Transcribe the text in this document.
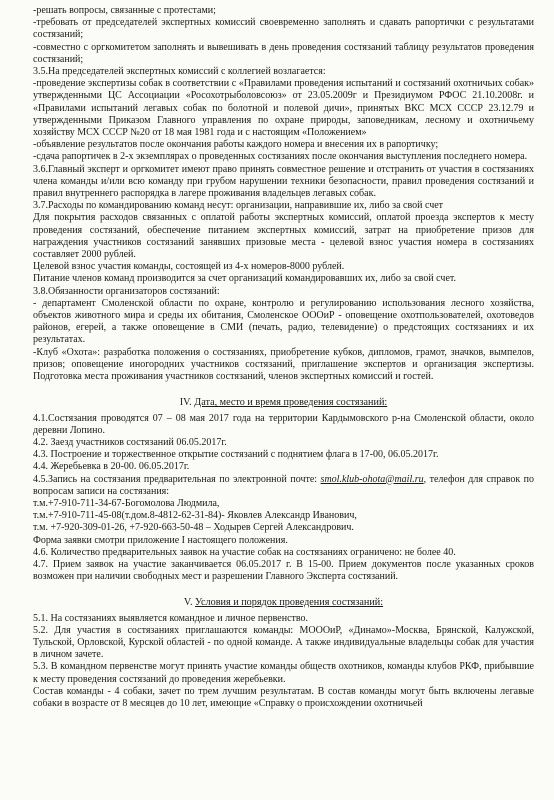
-решать вопросы, связанные с протестами;

-требовать от председателей экспертных комиссий своевременно заполнять и сдавать рапортички с результатами состязаний;

-совместно с оргкомитетом заполнять и вывешивать в день проведения состязаний таблицу результатов проведения состязаний;

3.5.На председателей экспертных комиссий с коллегией возлагается:

-проведение экспертизы собак в соответствии с «Правилами проведения испытаний и состязаний охотничьих собак» утвержденными ЦС Ассоциации «Росохотрыболовсоюз» от 23.05.2009г и Президиумом РФОС 21.10.2008г. и «Правилами испытаний легавых собак по болотной и полевой дичи», принятых ВКС МСХ СССР 23.12.79 и утвержденными Приказом Главного управления по охране природы, заповедникам, лесному и охотничьему хозяйству МСХ СССР №20 от 18 мая 1981 года и с настоящим «Положением»

-объявление результатов после окончания работы каждого номера и внесения их в рапортичку;

-сдача рапортичек в 2-х экземплярах о проведенных состязаниях после окончания выступления последнего номера.

3.6.Главный эксперт и оргкомитет имеют право принять совместное решение и отстранить от участия в состязаниях члена команды и/или всю команду при грубом нарушении техники безопасности, правил проведения состязаний и правил внутреннего распорядка в лагере проживания владельцев легавых собак.

3.7.Расходы по командированию команд несут: организации, направившие их, либо за свой счет

Для покрытия расходов связанных с оплатой работы экспертных комиссий, оплатой проезда экспертов к месту проведения состязаний, обеспечение питанием экспертных комиссий, затрат на приобретение призов для награждения участников состязаний занявших призовые места - целевой взнос участия номера в состязаниях составляет 2000 рублей.

Целевой взнос участия команды, состоящей из 4-х номеров-8000 рублей.

Питание членов команд производится за счет организаций командировавших их, либо за свой счет.

3.8.Обязанности организаторов состязаний:

- департамент Смоленской области по охране, контролю и регулированию использования лесного хозяйства, объектов животного мира и среды их обитания, Смоленское ОООиР - оповещение охотпользователей, охотоведов районов, егерей, а также оповещение в СМИ (печать, радио, телевидение) о предстоящих состязаниях и их результатах.

-Клуб «Охота»: разработка положения о состязаниях, приобретение кубков, дипломов, грамот, значков, вымпелов, призов; оповещение иногородних участников состязаний, приглашение экспертов и организация экспертизы. Подготовка места проживания участников состязаний, членов экспертных комиссий и гостей.

IV. Дата, место и время проведения состязаний:

4.1.Состязания проводятся 07 – 08 мая 2017 года на территории Кардымовского р-на Смоленской области, около деревни Лопино.

4.2. Заезд участников состязаний 06.05.2017г.

4.3. Построение и торжественное открытие состязаний с поднятием флага в 17-00, 06.05.2017г.

4.4. Жеребьевка в 20-00. 06.05.2017г.

4.5.Запись на состязания предварительная по электронной почте: smol.klub-ohota@mail.ru, телефон для справок по вопросам записи на состязания:

т.м.+7-910-711-34-67-Богомолова Людмила,

т.м.+7-910-711-45-08(т.дом.8-4812-62-31-84)- Яковлев Александр Иванович,

т.м. +7-920-309-01-26, +7-920-663-50-48 – Ходырев Сергей Александрович.

Форма заявки смотри приложение I настоящего положения.

4.6. Количество предварительных заявок на участие собак на состязаниях ограничено: не более 40.

4.7. Прием заявок на участие заканчивается 06.05.2017 г. В 15-00. Прием документов после указанных сроков возможен при наличии свободных мест и разрешении Главного Эксперта состязаний.

V. Условия и порядок проведения состязаний:

5.1. На состязаниях выявляется командное и личное первенство.

5.2. Для участия в состязаниях приглашаются команды: МОООиР, «Динамо»-Москва, Брянской, Калужской, Тульской, Орловской, Курской областей - по одной команде. А также индивидуальные владельцы собак для участия в личном зачете.

5.3. В командном первенстве могут принять участие команды обществ охотников, команды клубов РКФ, прибывшие к месту проведения состязаний до проведения жеребьевки.

Состав команды - 4 собаки, зачет по трем лучшим результатам. В состав команды могут быть включены легавые собаки в возрасте от 8 месяцев до 10 лет, имеющие «Справку о происхождении охотничьей
